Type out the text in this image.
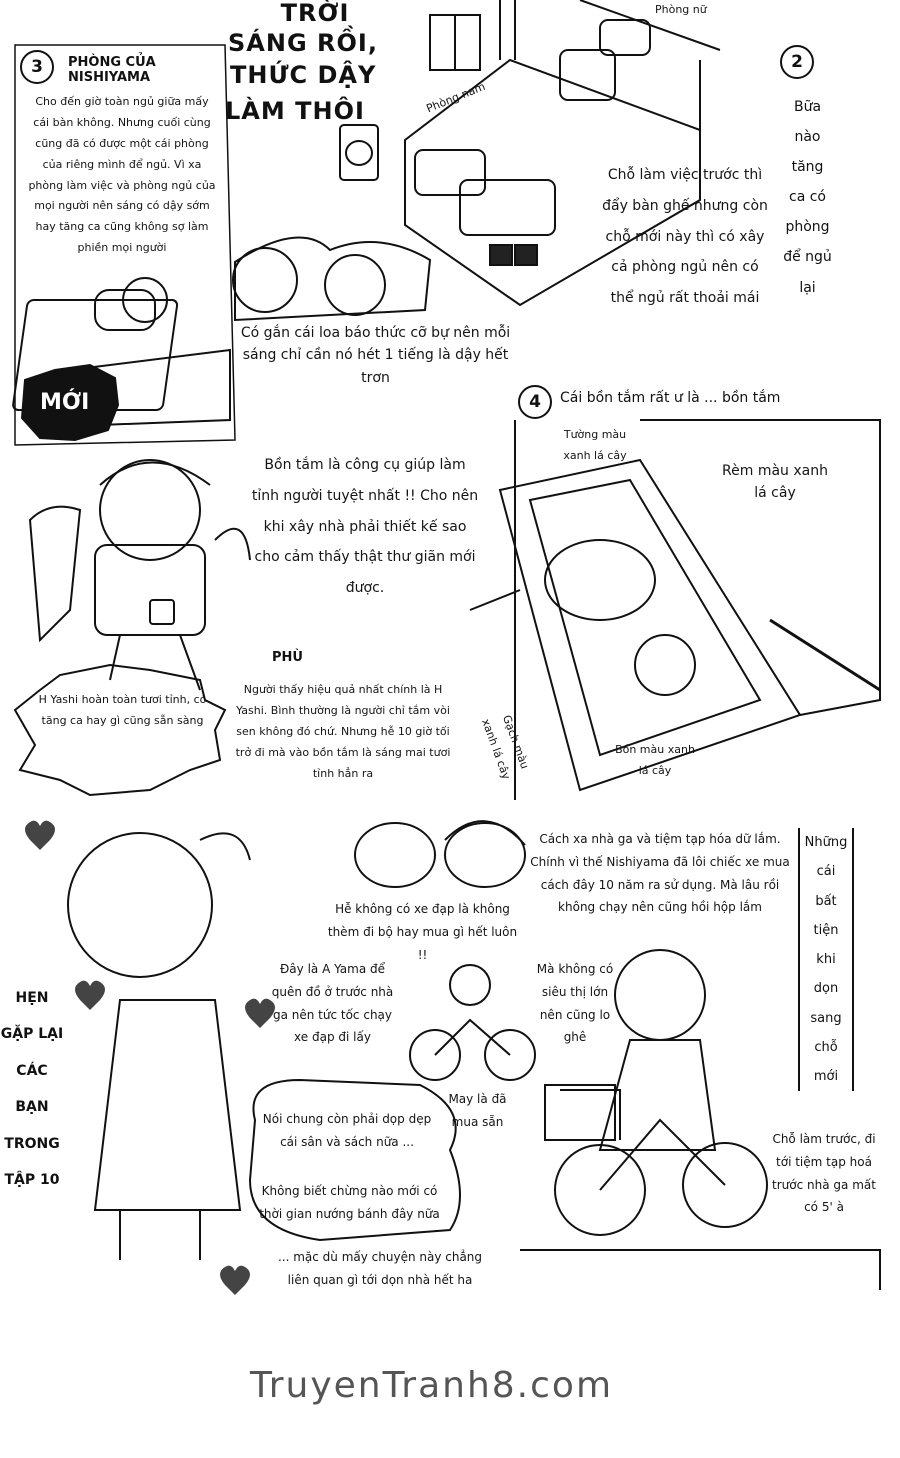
3	PHÒNG CỦA NISHIYAMA
Cho đến giờ toàn ngủ giữa mấy cái bàn không. Nhưng cuối cùng cũng đã có được một cái phòng của riêng mình để ngủ. Vì xa phòng làm việc và phòng ngủ của mọi người nên sáng có dậy sớm hay tăng ca cũng không sợ làm phiền mọi người
MỚI
TRỜI
SÁNG RỒI,
THỨC DẬY
LÀM THÔI
Phòng nữ
Phòng nam
2
Bữa
nào
tăng
ca có
phòng
để ngủ
lại
Chỗ làm việc trước thì đẩy bàn ghế nhưng còn chỗ mới này thì có xây cả phòng ngủ nên có thể ngủ rất thoải mái
Có gắn cái loa báo thức cỡ bự nên mỗi sáng chỉ cần nó hét 1 tiếng là dậy hết trơn
4	Cái bồn tắm rất ư là ... bồn tắm
Tường màu xanh lá cây
Rèm màu xanh lá cây
Gạch màu xanh lá cây	Bồn màu xanh lá cây
Bồn tắm là công cụ giúp làm tỉnh người tuyệt nhất !! Cho nên khi xây nhà phải thiết kế sao cho cảm thấy thật thư giãn mới được.
PHÙ
H Yashi hoàn toàn tươi tỉnh, có tăng ca hay gì cũng sẵn sàng
Người thấy hiệu quả nhất chính là H Yashi. Bình thường là người chỉ tắm vòi sen không đó chứ. Nhưng hễ 10 giờ tối trở đi mà vào bồn tắm là sáng mai tươi tỉnh hẳn ra
Cách xa nhà ga và tiệm tạp hóa dữ lắm. Chính vì thế Nishiyama đã lôi chiếc xe mua cách đây 10 năm ra sử dụng. Mà lâu rồi không chạy nên cũng hồi hộp lắm
Những
cái
bất
tiện
khi
dọn
sang
chỗ
mới
Hễ không có xe đạp là không thèm đi bộ hay mua gì hết luôn !!
Đây là A Yama để quên đồ ở trước nhà ga nên tức tốc chạy xe đạp đi lấy
Mà không có siêu thị lớn nên cũng lo ghê
May là đã mua sẵn
Chỗ làm trước, đi tới tiệm tạp hoá trước nhà ga mất có 5' à
HẸN
GẶP LẠI
CÁC
BẠN
TRONG
TẬP 10
Nói chung còn phải dọp dẹp cái sân và sách nữa ...
Không biết chừng nào mới có thời gian nướng bánh đây nữa
... mặc dù mấy chuyện này chẳng liên quan gì tới dọn nhà hết ha
TruyenTranh8.com
